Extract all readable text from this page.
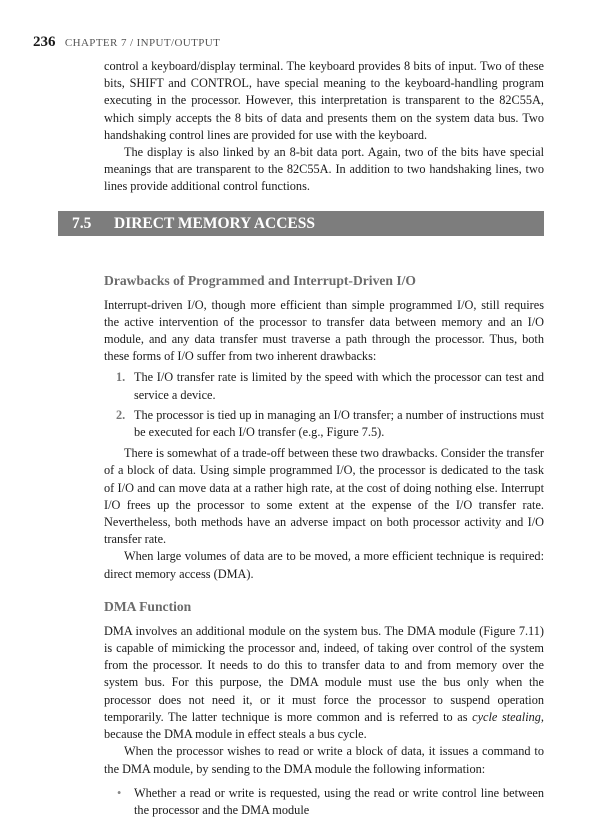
236 CHAPTER 7 / INPUT/OUTPUT
7.5 DIRECT MEMORY ACCESS

control a keyboard/display terminal. The keyboard provides 8 bits of input. Two of these bits, SHIFT and CONTROL, have special meaning to the keyboard-handling program executing in the processor. However, this interpretation is transparent to the 82C55A, which simply accepts the 8 bits of data and presents them on the system data bus. Two handshaking control lines are provided for use with the keyboard.

The display is also linked by an 8-bit data port. Again, two of the bits have special meanings that are transparent to the 82C55A. In addition to two handshaking lines, two lines provide additional control functions.

Drawbacks of Programmed and Interrupt-Driven I/O

Interrupt-driven I/O, though more efficient than simple programmed I/O, still requires the active intervention of the processor to transfer data between memory and an I/O module, and any data transfer must traverse a path through the processor. Thus, both these forms of I/O suffer from two inherent drawbacks:

1. The I/O transfer rate is limited by the speed with which the processor can test and service a device.
2. The processor is tied up in managing an I/O transfer; a number of instructions must be executed for each I/O transfer (e.g., Figure 7.5).

There is somewhat of a trade-off between these two drawbacks. Consider the transfer of a block of data. Using simple programmed I/O, the processor is dedicated to the task of I/O and can move data at a rather high rate, at the cost of doing nothing else. Interrupt I/O frees up the processor to some extent at the expense of the I/O transfer rate. Nevertheless, both methods have an adverse impact on both processor activity and I/O transfer rate.

When large volumes of data are to be moved, a more efficient technique is required: direct memory access (DMA).

DMA Function

DMA involves an additional module on the system bus. The DMA module (Figure 7.11) is capable of mimicking the processor and, indeed, of taking over control of the system from the processor. It needs to do this to transfer data to and from memory over the system bus. For this purpose, the DMA module must use the bus only when the processor does not need it, or it must force the processor to suspend operation temporarily. The latter technique is more common and is referred to as cycle stealing, because the DMA module in effect steals a bus cycle.

When the processor wishes to read or write a block of data, it issues a command to the DMA module, by sending to the DMA module the following information:

• Whether a read or write is requested, using the read or write control line between the processor and the DMA module
